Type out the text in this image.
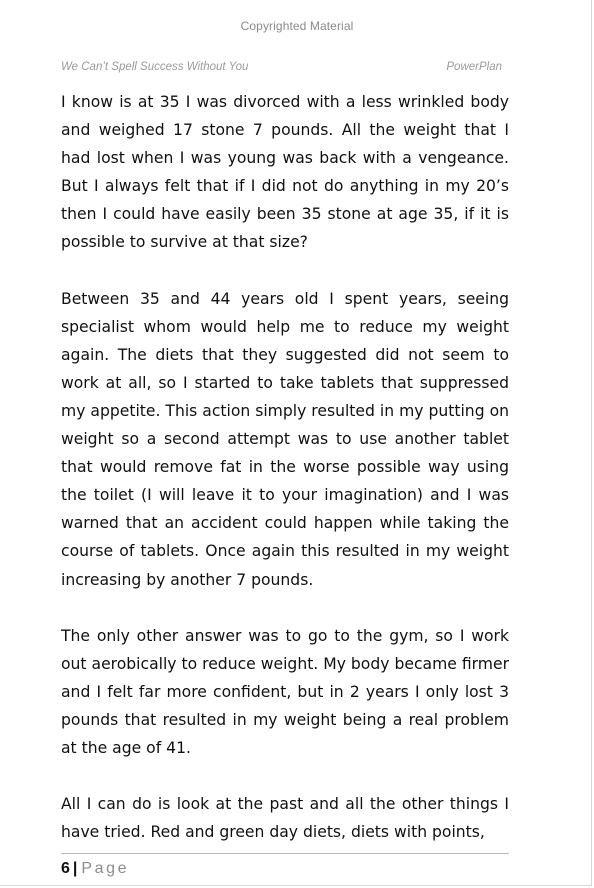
Copyrighted Material
We Can’t Spell Success Without You	PowerPlan

I know is at 35 I was divorced with a less wrinkled body and weighed 17 stone 7 pounds. All the weight that I had lost when I was young was back with a vengeance. But I always felt that if I did not do anything in my 20’s then I could have easily been 35 stone at age 35, if it is possible to survive at that size?

Between 35 and 44 years old I spent years, seeing specialist whom would help me to reduce my weight again. The diets that they suggested did not seem to work at all, so I started to take tablets that suppressed my appetite. This action simply resulted in my putting on weight so a second attempt was to use another tablet that would remove fat in the worse possible way using the toilet (I will leave it to your imagination) and I was warned that an accident could happen while taking the course of tablets. Once again this resulted in my weight increasing by another 7 pounds.

The only other answer was to go to the gym, so I work out aerobically to reduce weight. My body became firmer and I felt far more confident, but in 2 years I only lost 3 pounds that resulted in my weight being a real problem at the age of 41.

All I can do is look at the past and all the other things I have tried. Red and green day diets, diets with points,

6 | Page
